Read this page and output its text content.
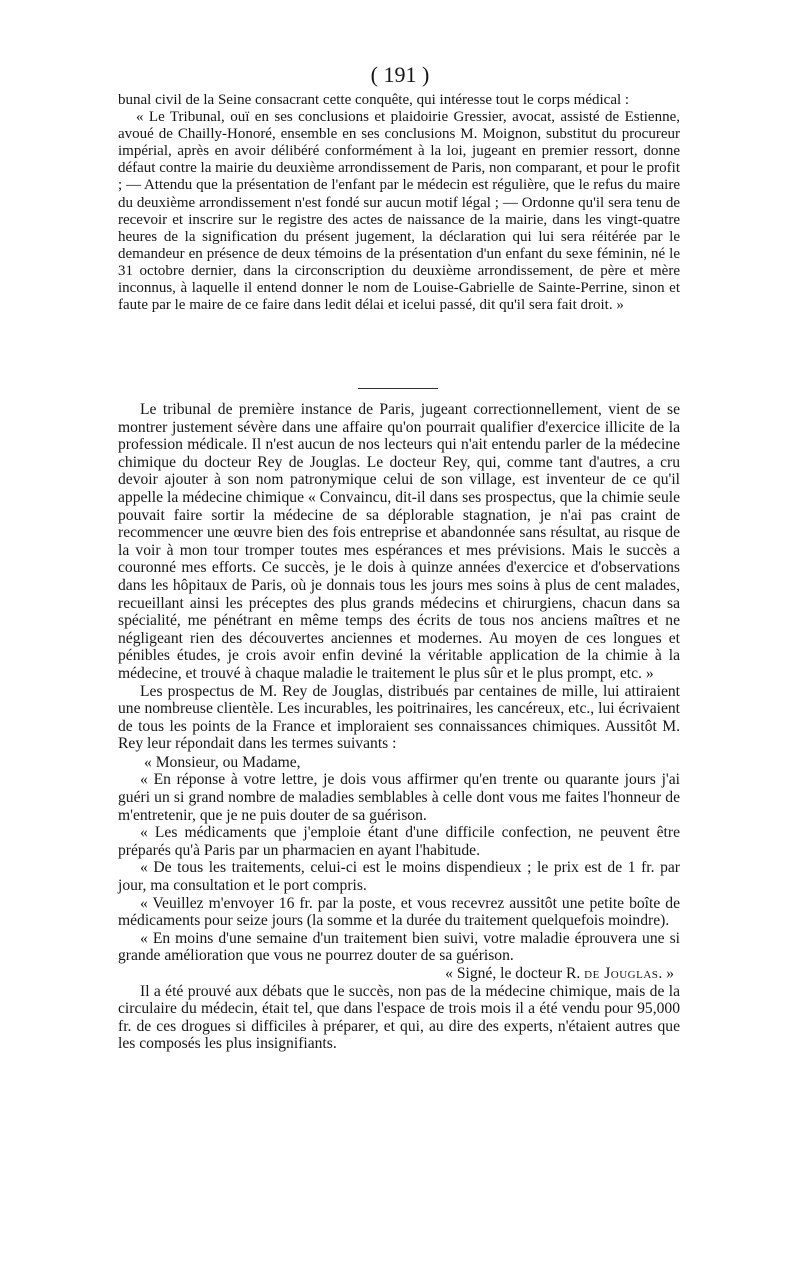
( 191 )

bunal civil de la Seine consacrant cette conquête, qui intéresse tout le corps médical :

« Le Tribunal, ouï en ses conclusions et plaidoirie Gressier, avocat, assisté de Estienne, avoué de Chailly-Honoré, ensemble en ses conclusions M. Moignon, substitut du procureur impérial, après en avoir délibéré conformément à la loi, jugeant en premier ressort, donne défaut contre la mairie du deuxième arrondissement de Paris, non comparant, et pour le profit ; — Attendu que la présentation de l'enfant par le médecin est régulière, que le refus du maire du deuxième arrondissement n'est fondé sur aucun motif légal ; — Ordonne qu'il sera tenu de recevoir et inscrire sur le registre des actes de naissance de la mairie, dans les vingt-quatre heures de la signification du présent jugement, la déclaration qui lui sera réitérée par le demandeur en présence de deux témoins de la présentation d'un enfant du sexe féminin, né le 31 octobre dernier, dans la circonscription du deuxième arrondissement, de père et mère inconnus, à laquelle il entend donner le nom de Louise-Gabrielle de Sainte-Perrine, sinon et faute par le maire de ce faire dans ledit délai et icelui passé, dit qu'il sera fait droit. »

Le tribunal de première instance de Paris, jugeant correctionnellement, vient de se montrer justement sévère dans une affaire qu'on pourrait qualifier d'exercice illicite de la profession médicale. Il n'est aucun de nos lecteurs qui n'ait entendu parler de la médecine chimique du docteur Rey de Jouglas. Le docteur Rey, qui, comme tant d'autres, a cru devoir ajouter à son nom patronymique celui de son village, est inventeur de ce qu'il appelle la médecine chimique « Convaincu, dit-il dans ses prospectus, que la chimie seule pouvait faire sortir la médecine de sa déplorable stagnation, je n'ai pas craint de recommencer une œuvre bien des fois entreprise et abandonnée sans résultat, au risque de la voir à mon tour tromper toutes mes espérances et mes prévisions. Mais le succès a couronné mes efforts. Ce succès, je le dois à quinze années d'exercice et d'observations dans les hôpitaux de Paris, où je donnais tous les jours mes soins à plus de cent malades, recueillant ainsi les préceptes des plus grands médecins et chirurgiens, chacun dans sa spécialité, me pénétrant en même temps des écrits de tous nos anciens maîtres et ne négligeant rien des découvertes anciennes et modernes. Au moyen de ces longues et pénibles études, je crois avoir enfin deviné la véritable application de la chimie à la médecine, et trouvé à chaque maladie le traitement le plus sûr et le plus prompt, etc. »

Les prospectus de M. Rey de Jouglas, distribués par centaines de mille, lui attiraient une nombreuse clientèle. Les incurables, les poitrinaires, les cancéreux, etc., lui écrivaient de tous les points de la France et imploraient ses connaissances chimiques. Aussitôt M. Rey leur répondait dans les termes suivants :

« Monsieur, ou Madame,

« En réponse à votre lettre, je dois vous affirmer qu'en trente ou quarante jours j'ai guéri un si grand nombre de maladies semblables à celle dont vous me faites l'honneur de m'entretenir, que je ne puis douter de sa guérison.

« Les médicaments que j'emploie étant d'une difficile confection, ne peuvent être préparés qu'à Paris par un pharmacien en ayant l'habitude.

« De tous les traitements, celui-ci est le moins dispendieux ; le prix est de 1 fr. par jour, ma consultation et le port compris.

« Veuillez m'envoyer 16 fr. par la poste, et vous recevrez aussitôt une petite boîte de médicaments pour seize jours (la somme et la durée du traitement quelquefois moindre).

« En moins d'une semaine d'un traitement bien suivi, votre maladie éprouvera une si grande amélioration que vous ne pourrez douter de sa guérison.

« Signé, le docteur R. de Jouglas. »

Il a été prouvé aux débats que le succès, non pas de la médecine chimique, mais de la circulaire du médecin, était tel, que dans l'espace de trois mois il a été vendu pour 95,000 fr. de ces drogues si difficiles à préparer, et qui, au dire des experts, n'étaient autres que les composés les plus insignifiants.
